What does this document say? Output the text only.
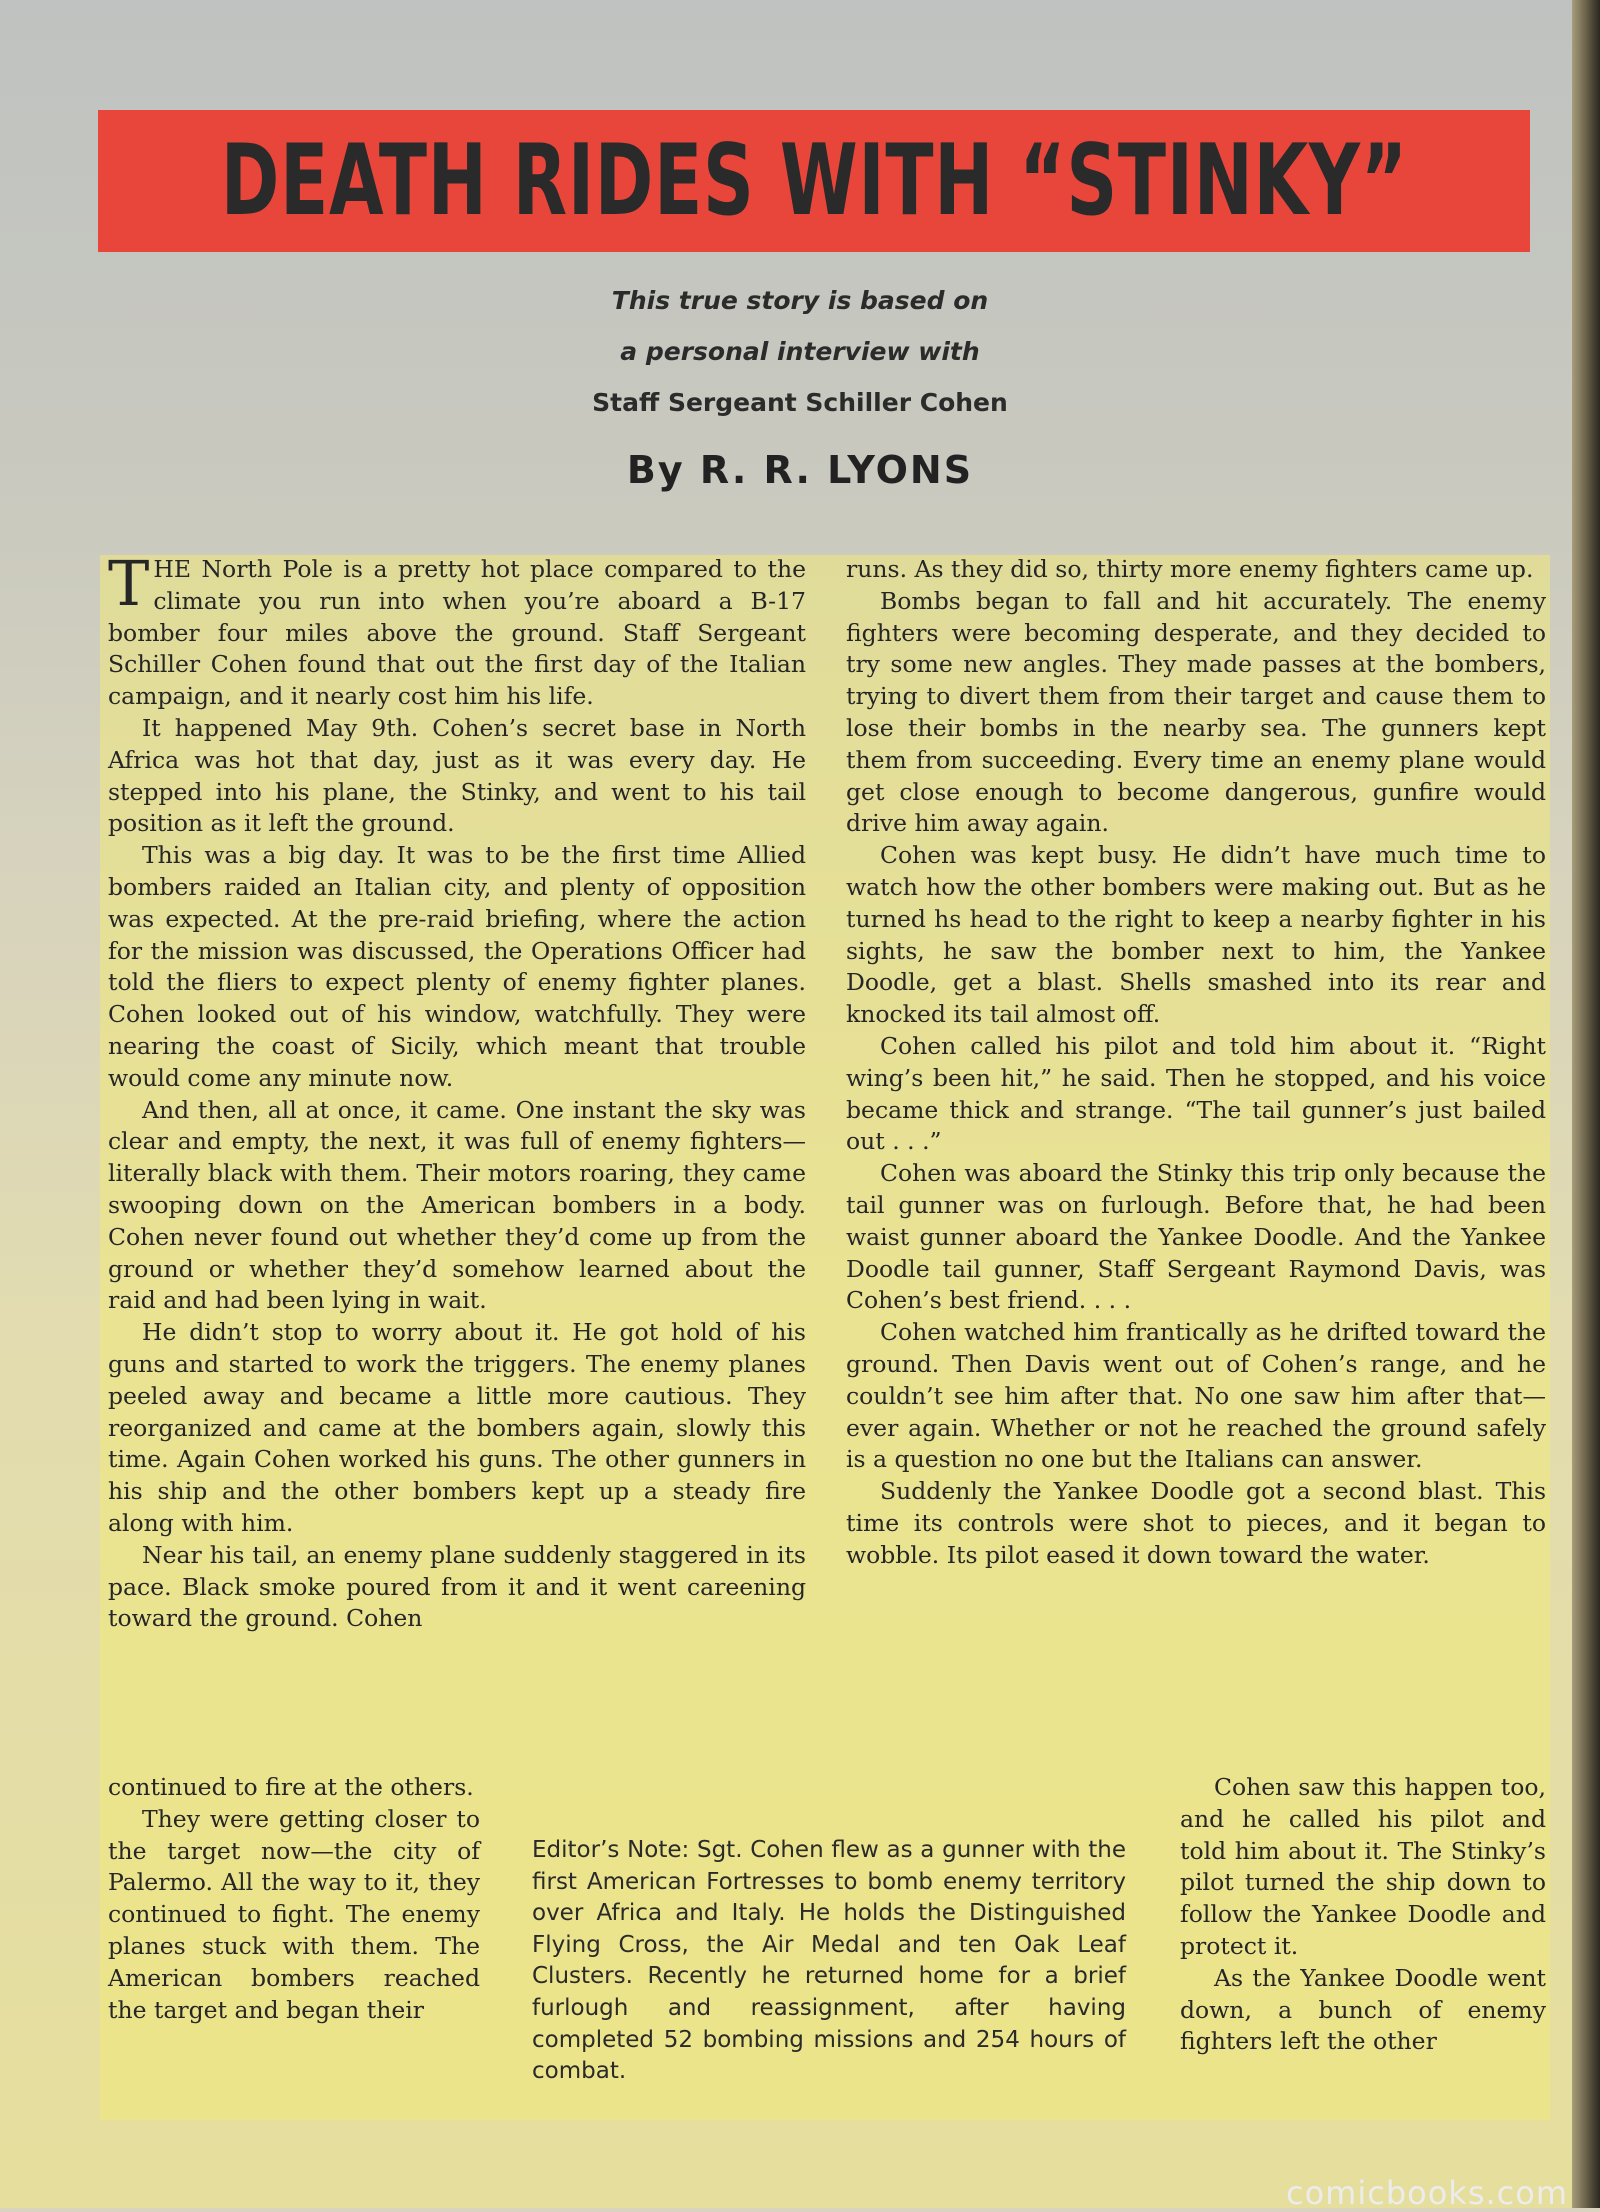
DEATH RIDES WITH “STINKY”
This true story is based on
a personal interview with
Staff Sergeant Schiller Cohen
By R. R. LYONS

THE North Pole is a pretty hot place compared to the climate you run into when you’re aboard a B-17 bomber four miles above the ground. Staff Sergeant Schiller Cohen found that out the first day of the Italian campaign, and it nearly cost him his life.

It happened May 9th. Cohen’s secret base in North Africa was hot that day, just as it was every day. He stepped into his plane, the Stinky, and went to his tail position as it left the ground.

This was a big day. It was to be the first time Allied bombers raided an Italian city, and plenty of opposition was expected. At the pre-raid briefing, where the action for the mission was discussed, the Operations Officer had told the fliers to expect plenty of enemy fighter planes. Cohen looked out of his window, watchfully. They were nearing the coast of Sicily, which meant that trouble would come any minute now.

And then, all at once, it came. One instant the sky was clear and empty, the next, it was full of enemy fighters—literally black with them. Their motors roaring, they came swooping down on the American bombers in a body. Cohen never found out whether they’d come up from the ground or whether they’d somehow learned about the raid and had been lying in wait.

He didn’t stop to worry about it. He got hold of his guns and started to work the triggers. The enemy planes peeled away and became a little more cautious. They reorganized and came at the bombers again, slowly this time. Again Cohen worked his guns. The other gunners in his ship and the other bombers kept up a steady fire along with him.

Near his tail, an enemy plane suddenly staggered in its pace. Black smoke poured from it and it went careening toward the ground. Cohen

continued to fire at the others.

They were getting closer to the target now—the city of Palermo. All the way to it, they continued to fight. The enemy planes stuck with them. The American bombers reached the target and began their

runs. As they did so, thirty more enemy fighters came up.

Bombs began to fall and hit accurately. The enemy fighters were becoming desperate, and they decided to try some new angles. They made passes at the bombers, trying to divert them from their target and cause them to lose their bombs in the nearby sea. The gunners kept them from succeeding. Every time an enemy plane would get close enough to become dangerous, gunfire would drive him away again.

Cohen was kept busy. He didn’t have much time to watch how the other bombers were making out. But as he turned hs head to the right to keep a nearby fighter in his sights, he saw the bomber next to him, the Yankee Doodle, get a blast. Shells smashed into its rear and knocked its tail almost off.

Cohen called his pilot and told him about it. “Right wing’s been hit,” he said. Then he stopped, and his voice became thick and strange. “The tail gunner’s just bailed out . . .”

Cohen was aboard the Stinky this trip only because the tail gunner was on furlough. Before that, he had been waist gunner aboard the Yankee Doodle. And the Yankee Doodle tail gunner, Staff Sergeant Raymond Davis, was Cohen’s best friend. . . .

Cohen watched him frantically as he drifted toward the ground. Then Davis went out of Cohen’s range, and he couldn’t see him after that. No one saw him after that—ever again. Whether or not he reached the ground safely is a question no one but the Italians can answer.

Suddenly the Yankee Doodle got a second blast. This time its controls were shot to pieces, and it began to wobble. Its pilot eased it down toward the water.

Editor’s Note: Sgt. Cohen flew as a gunner with the first American Fortresses to bomb enemy territory over Africa and Italy. He holds the Distinguished Flying Cross, the Air Medal and ten Oak Leaf Clusters. Recently he returned home for a brief furlough and reassignment, after having completed 52 bombing missions and 254 hours of combat.

Cohen saw this happen too, and he called his pilot and told him about it. The Stinky’s pilot turned the ship down to follow the Yankee Doodle and protect it.

As the Yankee Doodle went down, a bunch of enemy fighters left the other

comicbooks.com
